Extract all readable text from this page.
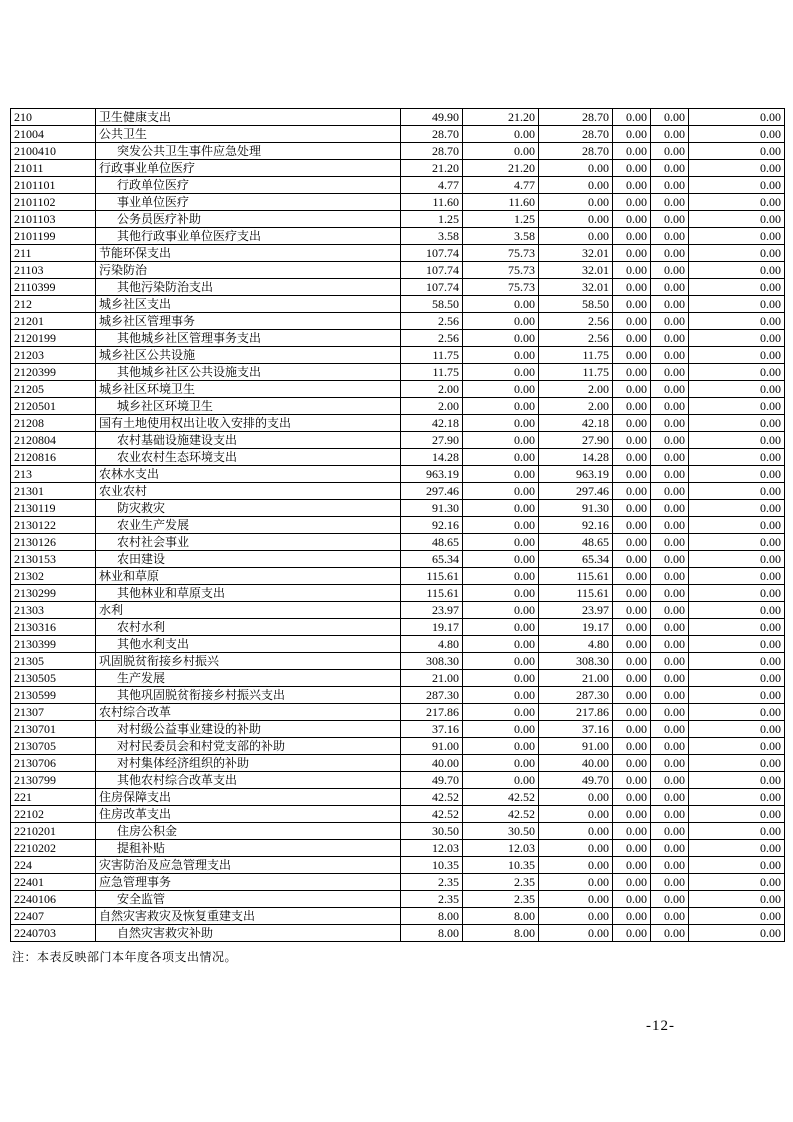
210	卫生健康支出	49.90	21.20	28.70	0.00	0.00	0.00
21004	公共卫生	28.70	0.00	28.70	0.00	0.00	0.00
2100410	突发公共卫生事件应急处理	28.70	0.00	28.70	0.00	0.00	0.00
21011	行政事业单位医疗	21.20	21.20	0.00	0.00	0.00	0.00
2101101	行政单位医疗	4.77	4.77	0.00	0.00	0.00	0.00
2101102	事业单位医疗	11.60	11.60	0.00	0.00	0.00	0.00
2101103	公务员医疗补助	1.25	1.25	0.00	0.00	0.00	0.00
2101199	其他行政事业单位医疗支出	3.58	3.58	0.00	0.00	0.00	0.00
211	节能环保支出	107.74	75.73	32.01	0.00	0.00	0.00
21103	污染防治	107.74	75.73	32.01	0.00	0.00	0.00
2110399	其他污染防治支出	107.74	75.73	32.01	0.00	0.00	0.00
212	城乡社区支出	58.50	0.00	58.50	0.00	0.00	0.00
21201	城乡社区管理事务	2.56	0.00	2.56	0.00	0.00	0.00
2120199	其他城乡社区管理事务支出	2.56	0.00	2.56	0.00	0.00	0.00
21203	城乡社区公共设施	11.75	0.00	11.75	0.00	0.00	0.00
2120399	其他城乡社区公共设施支出	11.75	0.00	11.75	0.00	0.00	0.00
21205	城乡社区环境卫生	2.00	0.00	2.00	0.00	0.00	0.00
2120501	城乡社区环境卫生	2.00	0.00	2.00	0.00	0.00	0.00
21208	国有土地使用权出让收入安排的支出	42.18	0.00	42.18	0.00	0.00	0.00
2120804	农村基础设施建设支出	27.90	0.00	27.90	0.00	0.00	0.00
2120816	农业农村生态环境支出	14.28	0.00	14.28	0.00	0.00	0.00
213	农林水支出	963.19	0.00	963.19	0.00	0.00	0.00
21301	农业农村	297.46	0.00	297.46	0.00	0.00	0.00
2130119	防灾救灾	91.30	0.00	91.30	0.00	0.00	0.00
2130122	农业生产发展	92.16	0.00	92.16	0.00	0.00	0.00
2130126	农村社会事业	48.65	0.00	48.65	0.00	0.00	0.00
2130153	农田建设	65.34	0.00	65.34	0.00	0.00	0.00
21302	林业和草原	115.61	0.00	115.61	0.00	0.00	0.00
2130299	其他林业和草原支出	115.61	0.00	115.61	0.00	0.00	0.00
21303	水利	23.97	0.00	23.97	0.00	0.00	0.00
2130316	农村水利	19.17	0.00	19.17	0.00	0.00	0.00
2130399	其他水利支出	4.80	0.00	4.80	0.00	0.00	0.00
21305	巩固脱贫衔接乡村振兴	308.30	0.00	308.30	0.00	0.00	0.00
2130505	生产发展	21.00	0.00	21.00	0.00	0.00	0.00
2130599	其他巩固脱贫衔接乡村振兴支出	287.30	0.00	287.30	0.00	0.00	0.00
21307	农村综合改革	217.86	0.00	217.86	0.00	0.00	0.00
2130701	对村级公益事业建设的补助	37.16	0.00	37.16	0.00	0.00	0.00
2130705	对村民委员会和村党支部的补助	91.00	0.00	91.00	0.00	0.00	0.00
2130706	对村集体经济组织的补助	40.00	0.00	40.00	0.00	0.00	0.00
2130799	其他农村综合改革支出	49.70	0.00	49.70	0.00	0.00	0.00
221	住房保障支出	42.52	42.52	0.00	0.00	0.00	0.00
22102	住房改革支出	42.52	42.52	0.00	0.00	0.00	0.00
2210201	住房公积金	30.50	30.50	0.00	0.00	0.00	0.00
2210202	提租补贴	12.03	12.03	0.00	0.00	0.00	0.00
224	灾害防治及应急管理支出	10.35	10.35	0.00	0.00	0.00	0.00
22401	应急管理事务	2.35	2.35	0.00	0.00	0.00	0.00
2240106	安全监管	2.35	2.35	0.00	0.00	0.00	0.00
22407	自然灾害救灾及恢复重建支出	8.00	8.00	0.00	0.00	0.00	0.00
2240703	自然灾害救灾补助	8.00	8.00	0.00	0.00	0.00	0.00
注：本表反映部门本年度各项支出情况。
-12-
